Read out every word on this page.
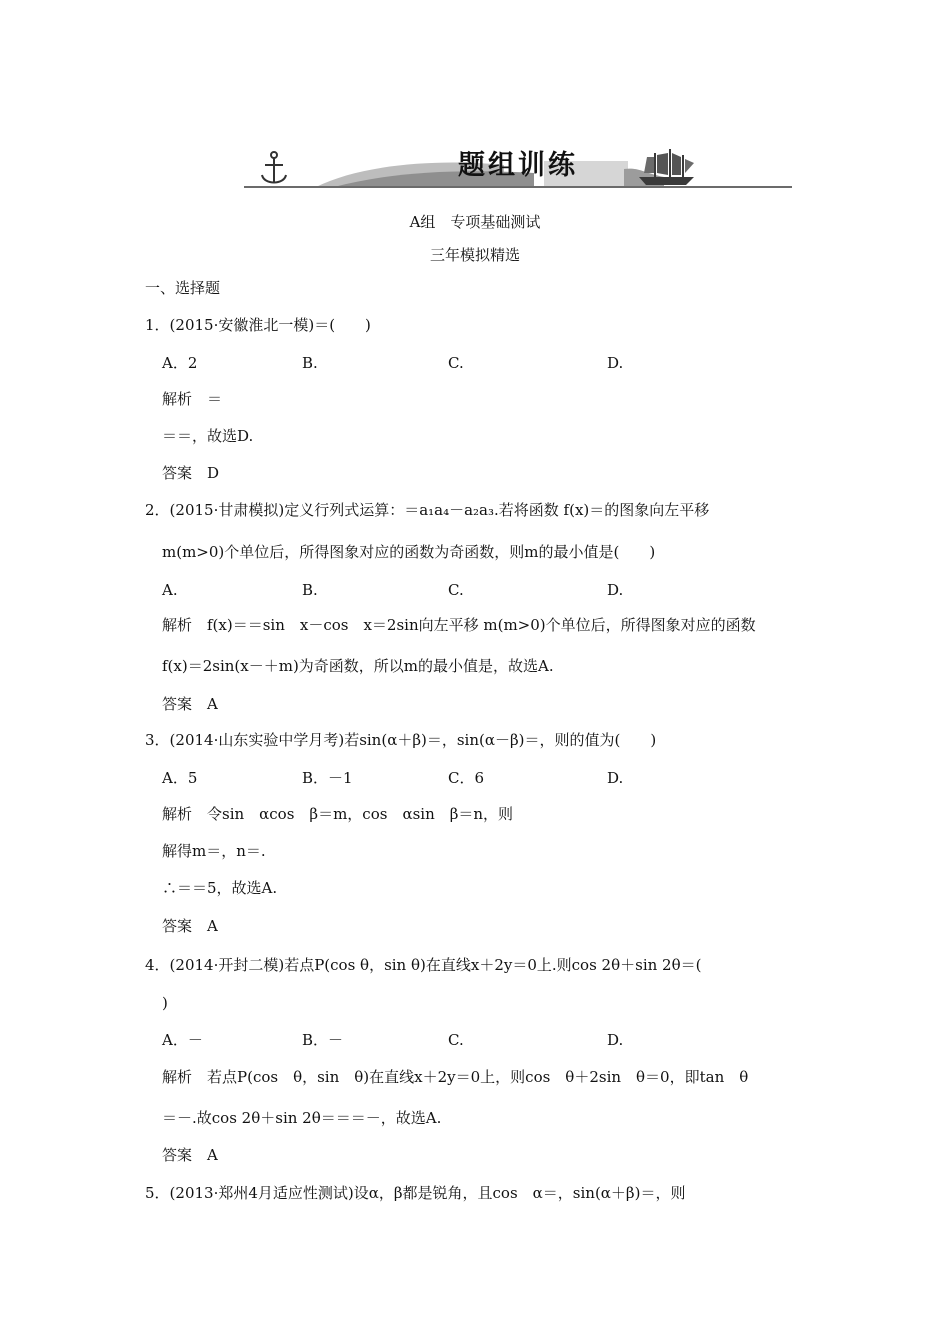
题组训练
A组　专项基础测试
三年模拟精选
一、选择题
1．(2015·安徽淮北一模)＝(　　)
A．2	B.	C.	D.
解析　＝
＝＝，故选D.
答案　D
2．(2015·甘肃模拟)定义行列式运算：＝a₁a₄－a₂a₃.若将函数 f(x)＝的图象向左平移
m(m>0)个单位后，所得图象对应的函数为奇函数，则m的最小值是(　　)
A.	B.	C.	D.
解析　f(x)＝＝sin　x－cos　x＝2sin向左平移 m(m>0)个单位后，所得图象对应的函数
f(x)＝2sin(x－＋m)为奇函数，所以m的最小值是，故选A.
答案　A
3．(2014·山东实验中学月考)若sin(α＋β)＝，sin(α－β)＝，则的值为(　　)
A．5	B．－1	C．6	D.
解析　令sin　αcos　β＝m，cos　αsin　β＝n，则
解得m＝，n＝.
∴＝＝5，故选A.
答案　A
4．(2014·开封二模)若点P(cos θ，sin θ)在直线x＋2y＝0上.则cos 2θ＋sin 2θ＝(
)
A．－	B．－	C.	D.
解析　若点P(cos　θ，sin　θ)在直线x＋2y＝0上，则cos　θ＋2sin　θ＝0，即tan　θ
＝－.故cos 2θ＋sin 2θ＝＝＝－，故选A.
答案　A
5．(2013·郑州4月适应性测试)设α，β都是锐角，且cos　α＝，sin(α＋β)＝，则
